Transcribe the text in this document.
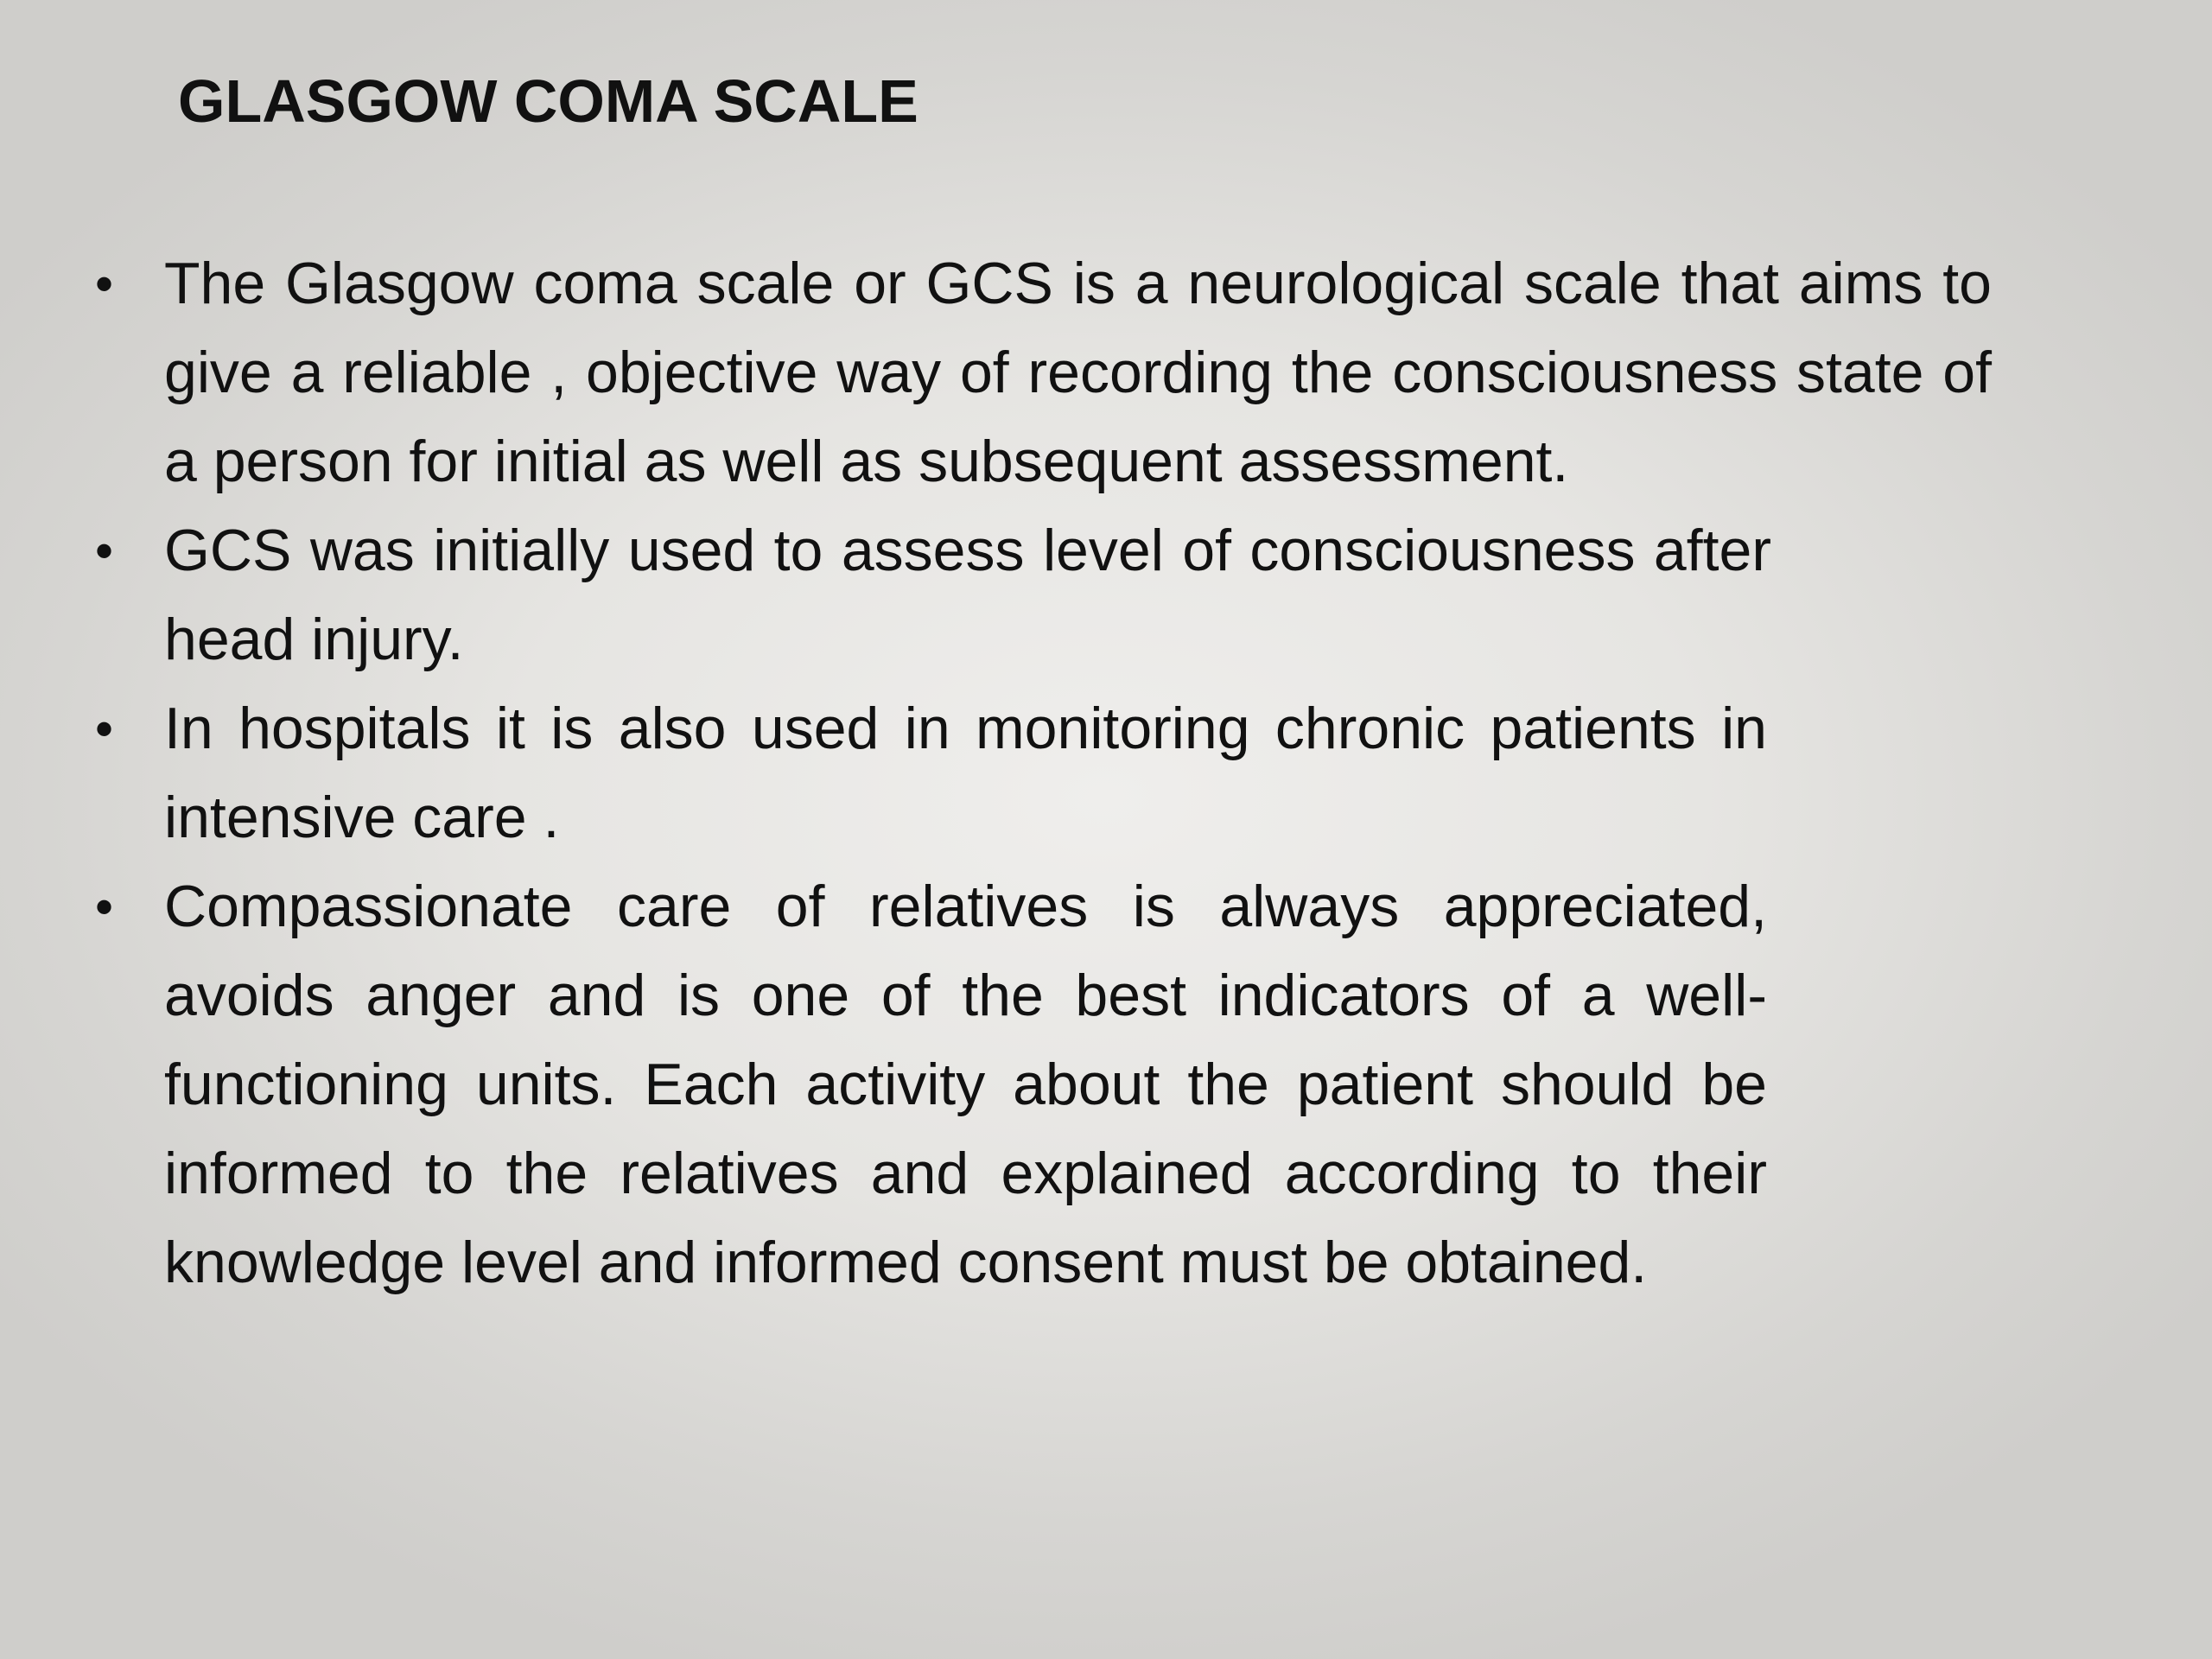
GLASGOW COMA SCALE
• The Glasgow coma scale or GCS is a neurological scale that aims to give a reliable , objective way of recording the consciousness state of a person for initial as well as subsequent assessment.

• GCS was initially used to assess level of consciousness after head injury.

• In hospitals it is also used in monitoring chronic patients in intensive care .

• Compassionate care of relatives is always appreciated, avoids anger and is one of the best indicators of a well-functioning units. Each activity about the patient should be informed to the relatives and explained according to their knowledge level and informed consent must be obtained.
